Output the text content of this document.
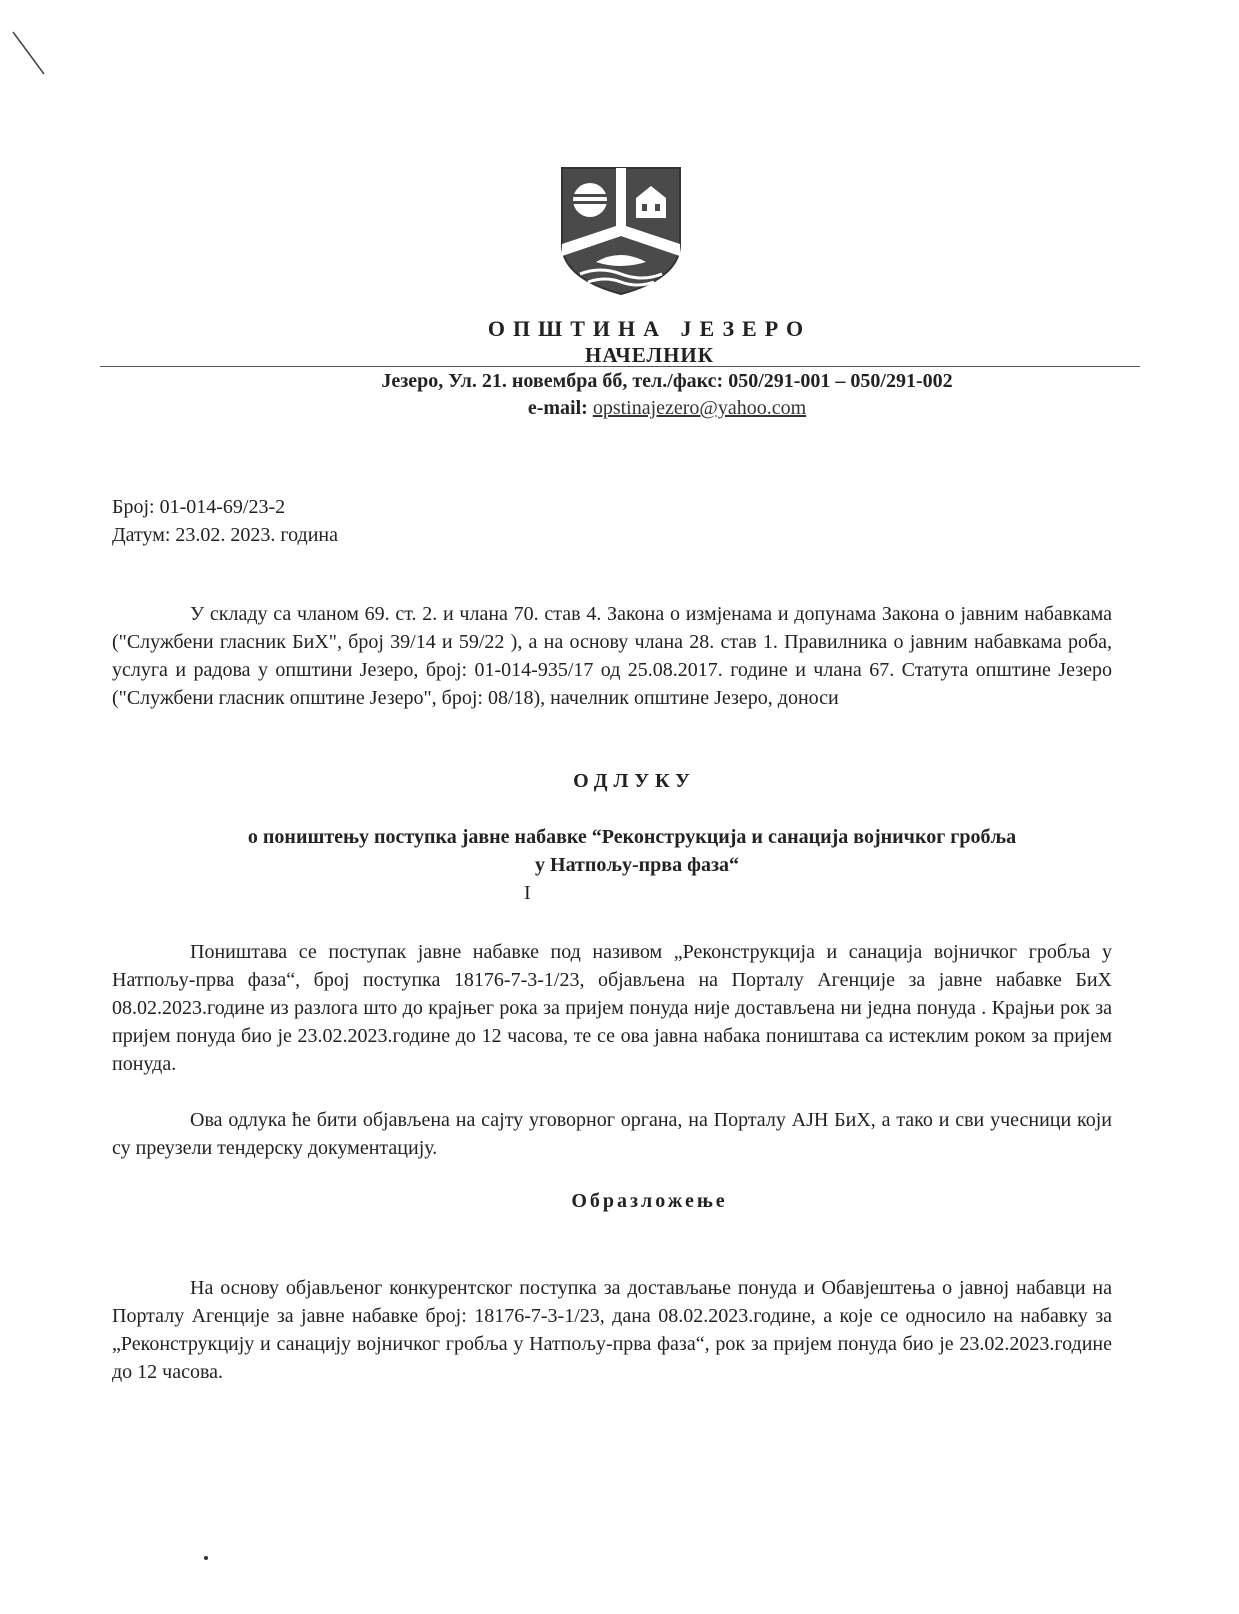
ОПШТИНА ЈЕЗЕРО
НАЧЕЛНИК
Језеро, Ул. 21. новембра бб, тел./факс: 050/291-001 – 050/291-002
e-mail: opstinajezero@yahoo.com
Број: 01-014-69/23-2
Датум: 23.02. 2023. година

У складу са чланом 69. ст. 2. и члана 70. став 4. Закона о измјенама и допунама Закона о јавним набавкама ("Службени гласник БиХ", број 39/14 и 59/22 ), а на основу члана 28. став 1. Правилника о јавним набавкама роба, услуга и радова у општини Језеро, број: 01-014-935/17 од 25.08.2017. године и члана 67. Статута општине Језеро ("Службени гласник општине Језеро", број: 08/18), начелник општине Језеро, доноси

ОДЛУКУ
о поништењу поступка јавне набавке “Реконструкција и санација војничког гробља
у Натпољу-прва фаза“
I

Поништава се поступак јавне набавке под називом „Реконструкција и санација војничког гробља у Натпољу-прва фаза“, број поступка 18176-7-3-1/23, објављена на Порталу Агенције за јавне набавке БиХ 08.02.2023.године из разлога што до крајњег рока за пријем понуда није достављена ни једна понуда . Крајњи рок за пријем понуда био је 23.02.2023.године до 12 часова, те се ова јавна набака поништава са истеклим роком за пријем понуда.

Ова одлука ће бити објављена на сајту уговорног органа, на Порталу АЈН БиХ, а тако и сви учесници који су преузели тендерску документацију.

Образложење

На основу објављеног конкурентског поступка за достављање понуда и Обавјештења о јавној набавци на Порталу Агенције за јавне набавке број: 18176-7-3-1/23, дана 08.02.2023.године, а које се односило на набавку за „Реконструкцију и санацију војничког гробља у Натпољу-прва фаза“, рок за пријем понуда био је 23.02.2023.године до 12 часова.
